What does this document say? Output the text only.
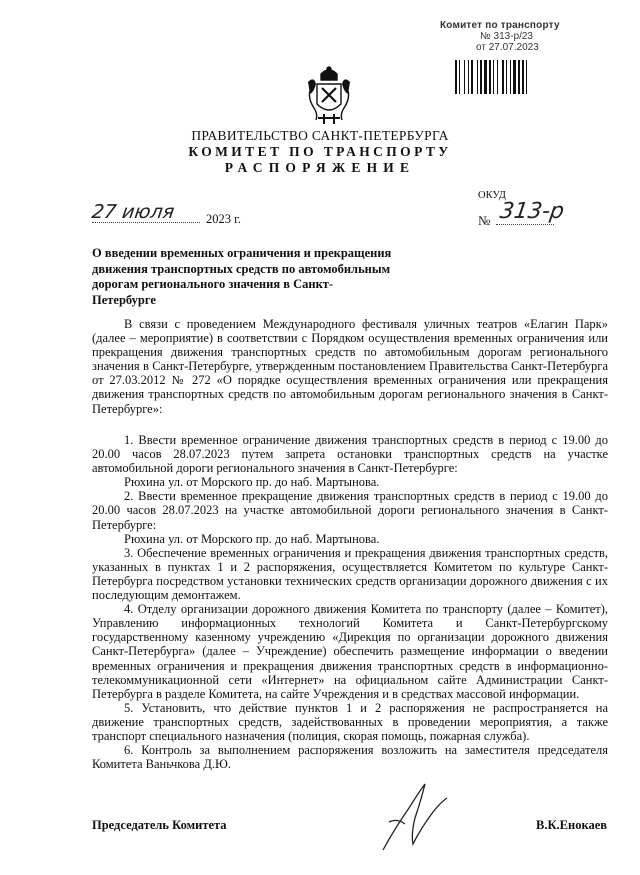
Комитет по транспорту
№ 313-р/23
от 27.07.2023
ПРАВИТЕЛЬСТВО САНКТ-ПЕТЕРБУРГА
КОМИТЕТ ПО ТРАНСПОРТУ
РАСПОРЯЖЕНИЕ
ОКУД
27 июля 2023 г.	№ 313-р
О введении временных ограничения и прекращения движения транспортных средств по автомобильным дорогам регионального значения в Санкт-Петербурге

В связи с проведением Международного фестиваля уличных театров «Елагин Парк» (далее – мероприятие) в соответствии с Порядком осуществления временных ограничения или прекращения движения транспортных средств по автомобильным дорогам регионального значения в Санкт-Петербурге, утвержденным постановлением Правительства Санкт-Петербурга от 27.03.2012 № 272 «О порядке осуществления временных ограничения или прекращения движения транспортных средств по автомобильным дорогам регионального значения в Санкт-Петербурге»:

1. Ввести временное ограничение движения транспортных средств в период с 19.00 до 20.00 часов 28.07.2023 путем запрета остановки транспортных средств на участке автомобильной дороги регионального значения в Санкт-Петербурге:

Рюхина ул. от Морского пр. до наб. Мартынова.

2. Ввести временное прекращение движения транспортных средств в период с 19.00 до 20.00 часов 28.07.2023 на участке автомобильной дороги регионального значения в Санкт-Петербурге:

Рюхина ул. от Морского пр. до наб. Мартынова.

3. Обеспечение временных ограничения и прекращения движения транспортных средств, указанных в пунктах 1 и 2 распоряжения, осуществляется Комитетом по культуре Санкт-Петербурга посредством установки технических средств организации дорожного движения с их последующим демонтажем.

4. Отделу организации дорожного движения Комитета по транспорту (далее – Комитет), Управлению информационных технологий Комитета и Санкт-Петербургскому государственному казенному учреждению «Дирекция по организации дорожного движения Санкт-Петербурга» (далее – Учреждение) обеспечить размещение информации о введении временных ограничения и прекращения движения транспортных средств в информационно-телекоммуникационной сети «Интернет» на официальном сайте Администрации Санкт-Петербурга в разделе Комитета, на сайте Учреждения и в средствах массовой информации.

5. Установить, что действие пунктов 1 и 2 распоряжения не распространяется на движение транспортных средств, задействованных в проведении мероприятия, а также транспорт специального назначения (полиция, скорая помощь, пожарная служба).

6. Контроль за выполнением распоряжения возложить на заместителя председателя Комитета Ваньчкова Д.Ю.

Председатель Комитета	В.К.Енокаев
